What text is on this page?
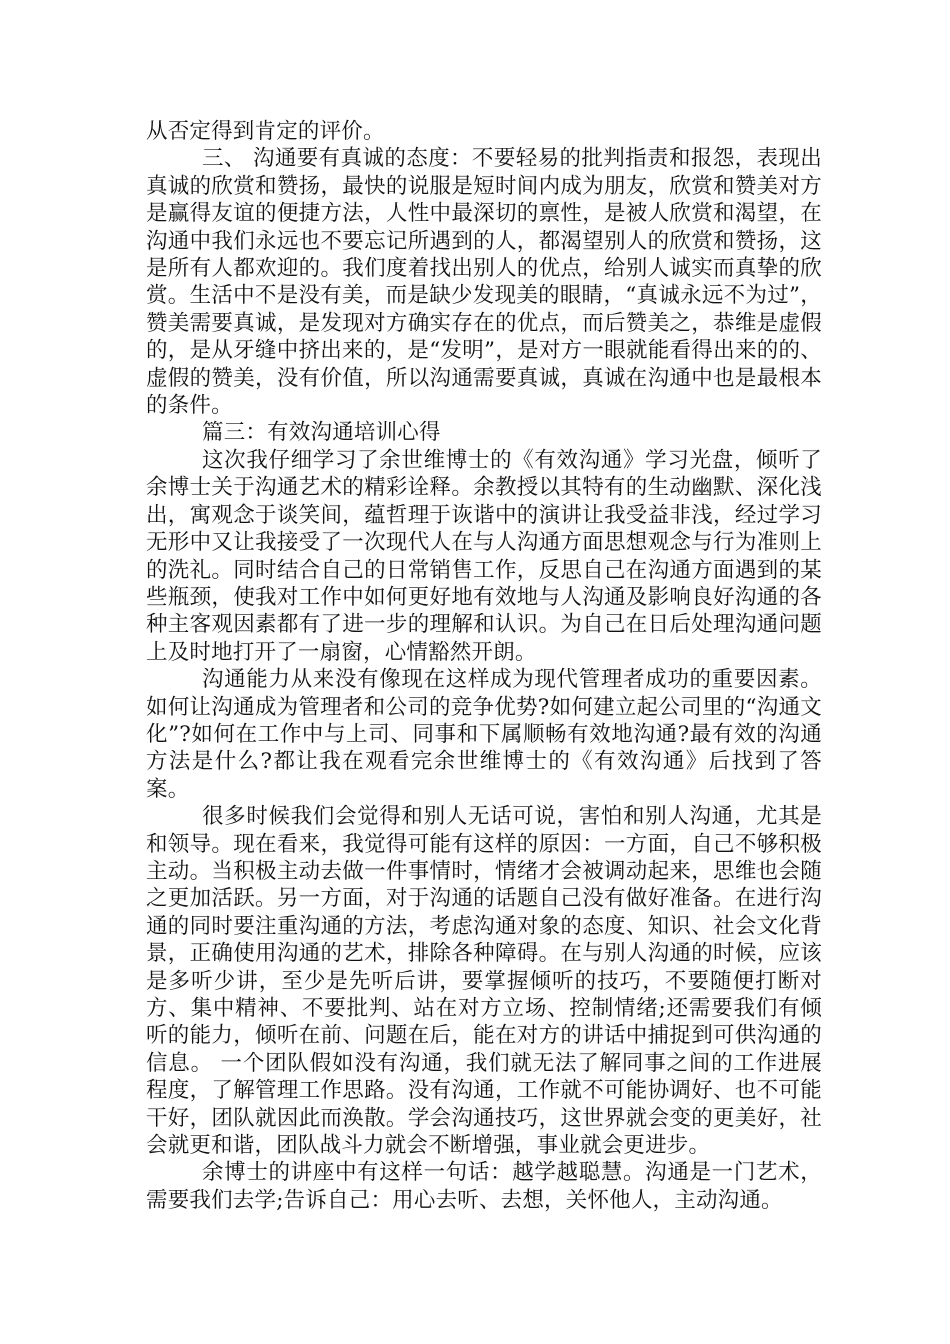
从否定得到肯定的评价。

三、 沟通要有真诚的态度：不要轻易的批判指责和报怨，表现出真诚的欣赏和赞扬，最快的说服是短时间内成为朋友，欣赏和赞美对方是赢得友谊的便捷方法，人性中最深切的禀性，是被人欣赏和渴望，在沟通中我们永远也不要忘记所遇到的人，都渴望别人的欣赏和赞扬，这是所有人都欢迎的。我们度着找出别人的优点，给别人诚实而真挚的欣赏。生活中不是没有美，而是缺少发现美的眼睛，“真诚永远不为过”，赞美需要真诚，是发现对方确实存在的优点，而后赞美之，恭维是虚假的，是从牙缝中挤出来的，是“发明”，是对方一眼就能看得出来的的、虚假的赞美，没有价值，所以沟通需要真诚，真诚在沟通中也是最根本的条件。

篇三：有效沟通培训心得

这次我仔细学习了余世维博士的《有效沟通》学习光盘，倾听了余博士关于沟通艺术的精彩诠释。余教授以其特有的生动幽默、深化浅出，寓观念于谈笑间，蕴哲理于诙谐中的演讲让我受益非浅，经过学习无形中又让我接受了一次现代人在与人沟通方面思想观念与行为准则上的洗礼。同时结合自己的日常销售工作，反思自己在沟通方面遇到的某些瓶颈，使我对工作中如何更好地有效地与人沟通及影响良好沟通的各种主客观因素都有了进一步的理解和认识。为自己在日后处理沟通问题上及时地打开了一扇窗，心情豁然开朗。

沟通能力从来没有像现在这样成为现代管理者成功的重要因素。如何让沟通成为管理者和公司的竞争优势?如何建立起公司里的“沟通文化”?如何在工作中与上司、同事和下属顺畅有效地沟通?最有效的沟通方法是什么?都让我在观看完余世维博士的《有效沟通》后找到了答案。

很多时候我们会觉得和别人无话可说，害怕和别人沟通，尤其是和领导。现在看来，我觉得可能有这样的原因：一方面，自己不够积极主动。当积极主动去做一件事情时，情绪才会被调动起来，思维也会随之更加活跃。另一方面，对于沟通的话题自己没有做好准备。在进行沟通的同时要注重沟通的方法，考虑沟通对象的态度、知识、社会文化背景，正确使用沟通的艺术，排除各种障碍。在与别人沟通的时候，应该是多听少讲，至少是先听后讲，要掌握倾听的技巧，不要随便打断对方、集中精神、不要批判、站在对方立场、控制情绪;还需要我们有倾听的能力，倾听在前、问题在后，能在对方的讲话中捕捉到可供沟通的信息。 一个团队假如没有沟通，我们就无法了解同事之间的工作进展程度，了解管理工作思路。没有沟通，工作就不可能协调好、也不可能干好，团队就因此而涣散。学会沟通技巧，这世界就会变的更美好，社会就更和谐，团队战斗力就会不断增强，事业就会更进步。

余博士的讲座中有这样一句话：越学越聪慧。沟通是一门艺术，需要我们去学;告诉自己：用心去听、去想，关怀他人，主动沟通。
